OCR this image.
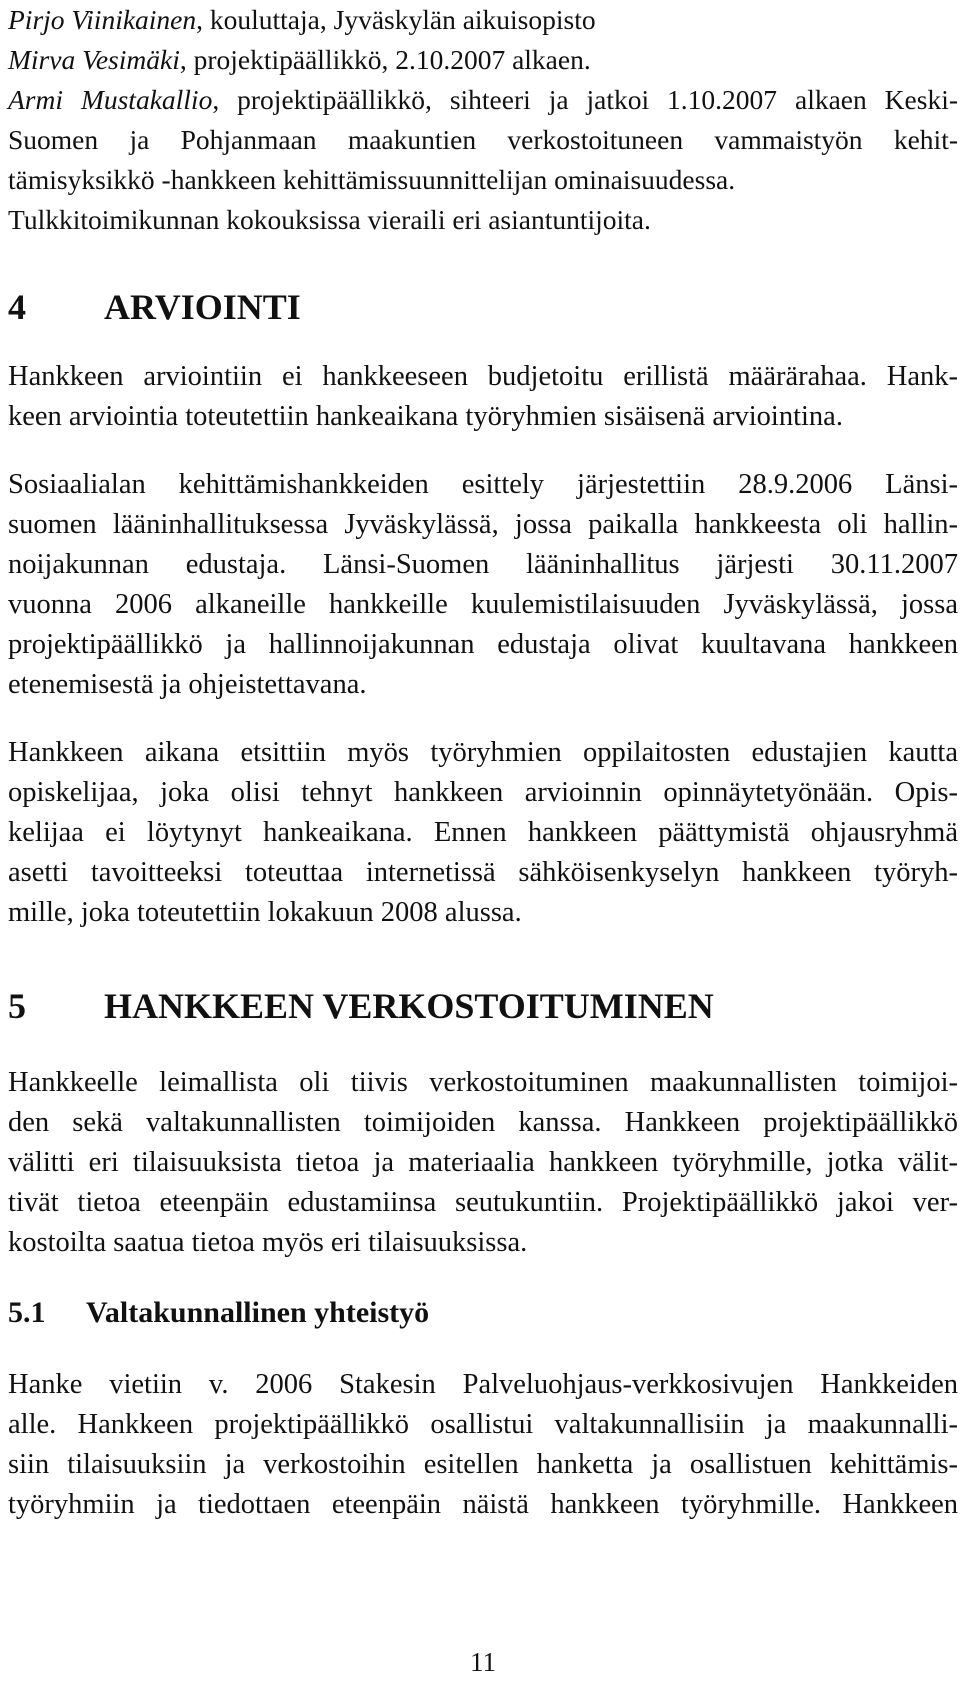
Pirjo Viinikainen, kouluttaja, Jyväskylän aikuisopisto

Mirva Vesimäki, projektipäällikkö, 2.10.2007 alkaen.

Armi Mustakallio, projektipäällikkö, sihteeri ja jatkoi 1.10.2007 alkaen Keski-

Suomen ja Pohjanmaan maakuntien verkostoituneen vammaistyön kehit-

tämisyksikkö -hankkeen kehittämissuunnittelijan ominaisuudessa.

Tulkkitoimikunnan kokouksissa vieraili eri asiantuntijoita.

4 ARVIOINTI

Hankkeen arviointiin ei hankkeeseen budjetoitu erillistä määrärahaa. Hank-

keen arviointia toteutettiin hankeaikana työryhmien sisäisenä arviointina.

Sosiaalialan kehittämishankkeiden esittely järjestettiin 28.9.2006 Länsi-

suomen lääninhallituksessa Jyväskylässä, jossa paikalla hankkeesta oli hallin-

noijakunnan edustaja. Länsi-Suomen lääninhallitus järjesti 30.11.2007

vuonna 2006 alkaneille hankkeille kuulemistilaisuuden Jyväskylässä, jossa

projektipäällikkö ja hallinnoijakunnan edustaja olivat kuultavana hankkeen

etenemisestä ja ohjeistettavana.

Hankkeen aikana etsittiin myös työryhmien oppilaitosten edustajien kautta

opiskelijaa, joka olisi tehnyt hankkeen arvioinnin opinnäytetyönään. Opis-

kelijaa ei löytynyt hankeaikana. Ennen hankkeen päättymistä ohjausryhmä

asetti tavoitteeksi toteuttaa internetissä sähköisenkyselyn hankkeen työryh-

mille, joka toteutettiin lokakuun 2008 alussa.

5 HANKKEEN VERKOSTOITUMINEN

Hankkeelle leimallista oli tiivis verkostoituminen maakunnallisten toimijoi-

den sekä valtakunnallisten toimijoiden kanssa. Hankkeen projektipäällikkö

välitti eri tilaisuuksista tietoa ja materiaalia hankkeen työryhmille, jotka välit-

tivät tietoa eteenpäin edustamiinsa seutukuntiin. Projektipäällikkö jakoi ver-

kostoilta saatua tietoa myös eri tilaisuuksissa.

5.1 Valtakunnallinen yhteistyö

Hanke vietiin v. 2006 Stakesin Palveluohjaus-verkkosivujen Hankkeiden

alle. Hankkeen projektipäällikkö osallistui valtakunnallisiin ja maakunnalli-

siin tilaisuuksiin ja verkostoihin esitellen hanketta ja osallistuen kehittämis-

työryhmiin ja tiedottaen eteenpäin näistä hankkeen työryhmille. Hankkeen

11
